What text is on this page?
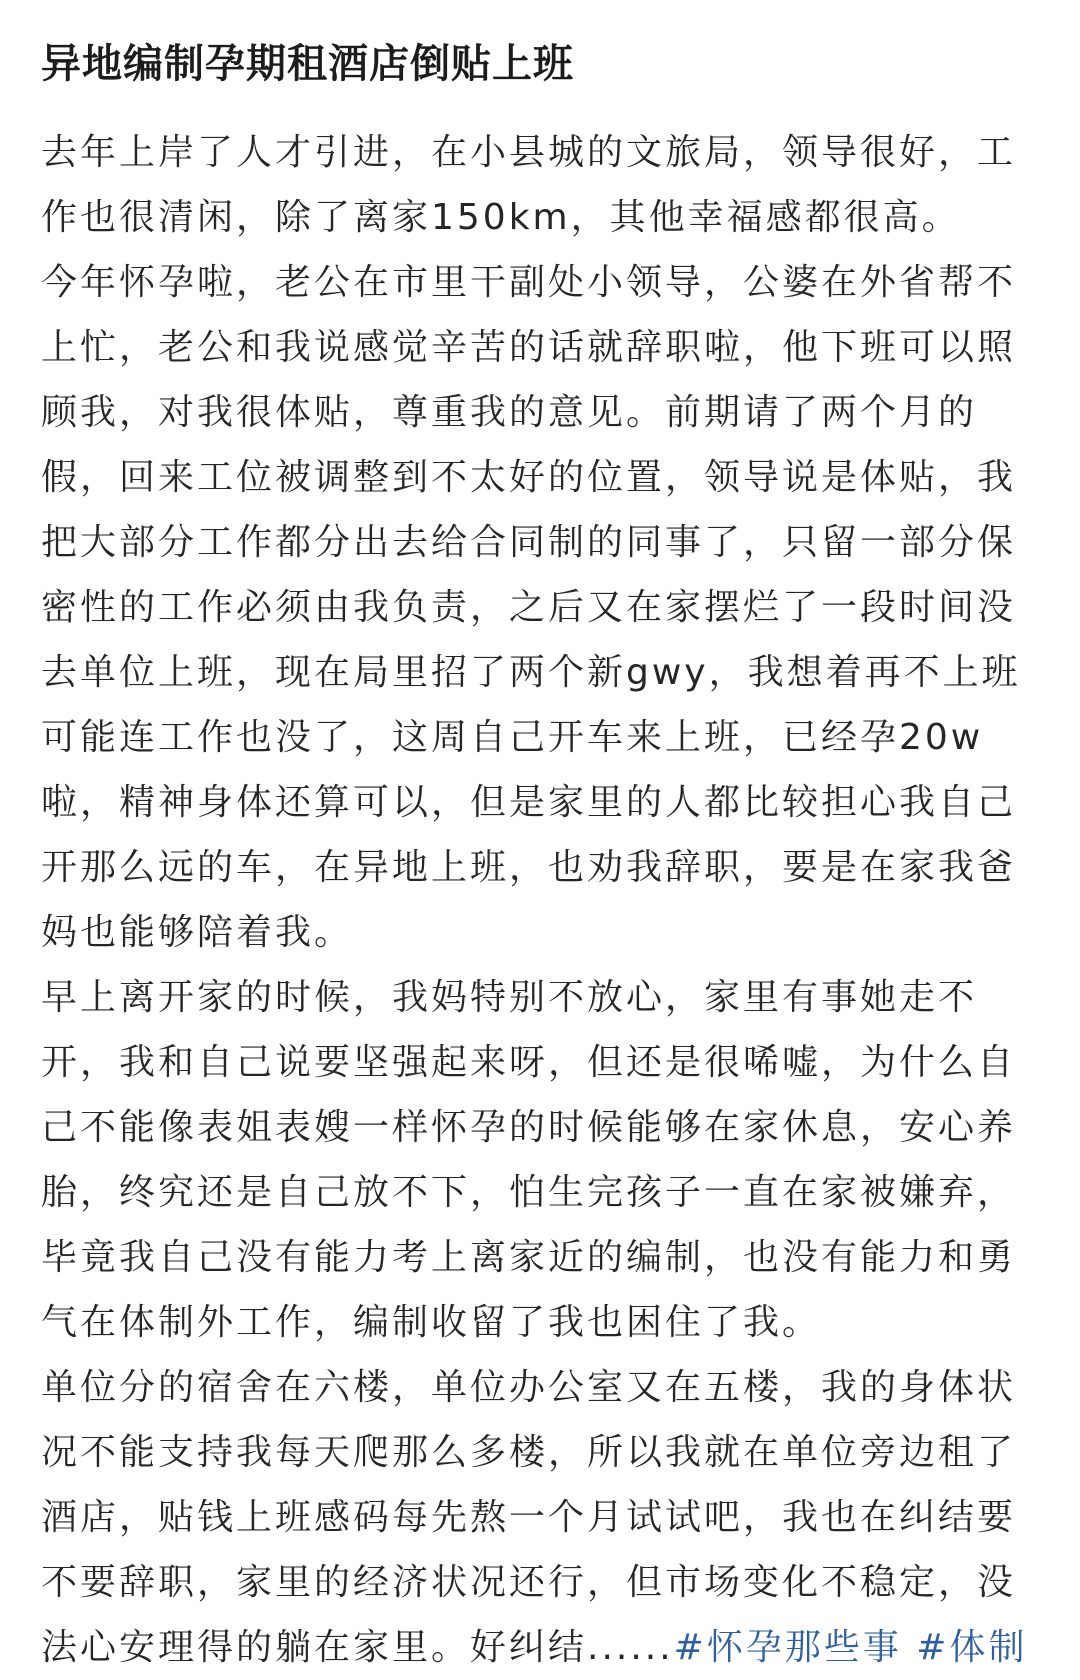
异地编制孕期租酒店倒贴上班

去年上岸了人才引进，在小县城的文旅局，领导很好，工作也很清闲，除了离家150km，其他幸福感都很高。

今年怀孕啦，老公在市里干副处小领导，公婆在外省帮不上忙，老公和我说感觉辛苦的话就辞职啦，他下班可以照顾我，对我很体贴，尊重我的意见。前期请了两个月的假，回来工位被调整到不太好的位置，领导说是体贴，我把大部分工作都分出去给合同制的同事了，只留一部分保密性的工作必须由我负责，之后又在家摆烂了一段时间没去单位上班，现在局里招了两个新gwy，我想着再不上班可能连工作也没了，这周自己开车来上班，已经孕20w啦，精神身体还算可以，但是家里的人都比较担心我自己开那么远的车，在异地上班，也劝我辞职，要是在家我爸妈也能够陪着我。

早上离开家的时候，我妈特别不放心，家里有事她走不开，我和自己说要坚强起来呀，但还是很唏嘘，为什么自己不能像表姐表嫂一样怀孕的时候能够在家休息，安心养胎，终究还是自己放不下，怕生完孩子一直在家被嫌弃，毕竟我自己没有能力考上离家近的编制，也没有能力和勇气在体制外工作，编制收留了我也困住了我。

单位分的宿舍在六楼，单位办公室又在五楼，我的身体状况不能支持我每天爬那么多楼，所以我就在单位旁边租了酒店，贴钱上班感码每先熬一个月试试吧，我也在纠结要不要辞职，家里的经济状况还行，但市场变化不稳定，没法心安理得的躺在家里。好纠结......#怀孕那些事 #体制
